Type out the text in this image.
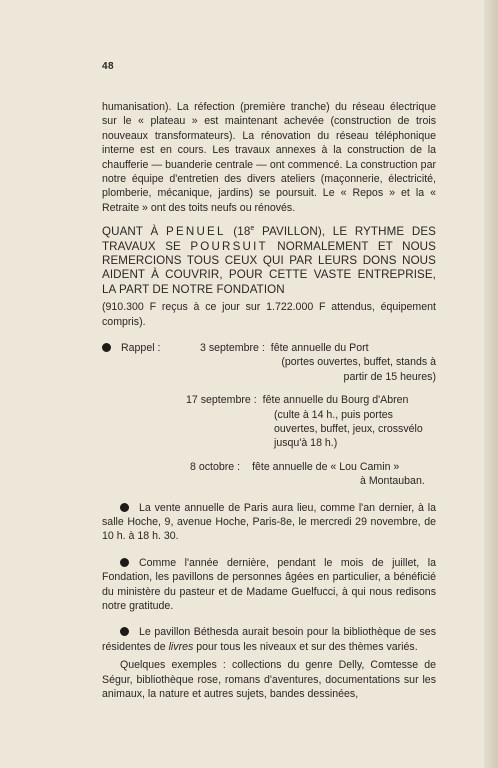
48

humanisation). La réfection (première tranche) du réseau électrique sur le « plateau » est maintenant achevée (construction de trois nouveaux transformateurs). La rénovation du réseau téléphonique interne est en cours. Les travaux annexes à la construction de la chaufferie — buanderie centrale — ont commencé. La construction par notre équipe d'entretien des divers ateliers (maçonnerie, électricité, plomberie, mécanique, jardins) se poursuit. Le « Repos » et la « Retraite » ont des toits neufs ou rénovés.

QUANT À PENUEL (18e PAVILLON), LE RYTHME DES TRAVAUX SE POURSUIT NORMALEMENT ET NOUS REMERCIONS TOUS CEUX QUI PAR LEURS DONS NOUS AIDENT À COUVRIR, POUR CETTE VASTE ENTREPRISE, LA PART DE NOTRE FONDATION

(910.300 F reçus à ce jour sur 1.722.000 F attendus, équipement compris).

Rappel :	3 septembre : fête annuelle du Port
(portes ouvertes, buffet, stands à partir de 15 heures)
17 septembre : fête annuelle du Bourg d'Abren
(culte à 14 h., puis portes ouvertes, buffet, jeux, crossvélo jusqu'à 18 h.)
8 octobre :	fête annuelle de « Lou Camin »
à Montauban.

La vente annuelle de Paris aura lieu, comme l'an dernier, à la salle Hoche, 9, avenue Hoche, Paris-8e, le mercredi 29 novembre, de 10 h. à 18 h. 30.

Comme l'année dernière, pendant le mois de juillet, la Fondation, les pavillons de personnes âgées en particulier, a bénéficié du ministère du pasteur et de Madame Guelfucci, à qui nous redisons notre gratitude.

Le pavillon Béthesda aurait besoin pour la bibliothèque de ses résidentes de livres pour tous les niveaux et sur des thèmes variés.

Quelques exemples : collections du genre Delly, Comtesse de Ségur, bibliothèque rose, romans d'aventures, documentations sur les animaux, la nature et autres sujets, bandes dessinées,
